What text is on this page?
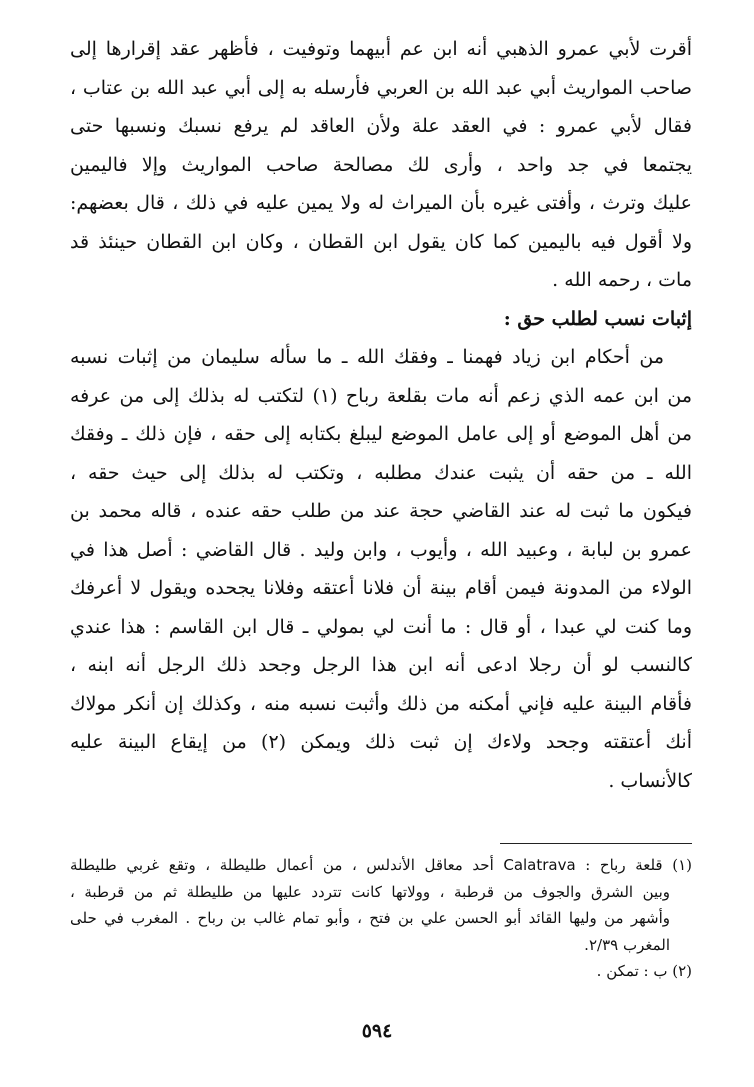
أقرت لأبي عمرو الذهبي أنه ابن عم أبيهما وتوفيت ، فأظهر عقد إقرارها إلى
صاحب المواريث أبي عبد الله بن العربي فأرسله به إلى أبي عبد الله بن عتاب ،
فقال لأبي عمرو : في العقد علة ولأن العاقد لم يرفع نسبك ونسبها حتى
يجتمعا في جد واحد ، وأرى لك مصالحة صاحب المواريث وإلا فاليمين
عليك وترث ، وأفتى غيره بأن الميراث له ولا يمين عليه في ذلك ، قال بعضهم:
ولا أقول فيه باليمين كما كان يقول ابن القطان ، وكان ابن القطان حينئذ قد
مات ، رحمه الله .
إثبات نسب لطلب حق :
من أحكام ابن زياد فهمنا ـ وفقك الله ـ ما سأله سليمان من إثبات نسبه
من ابن عمه الذي زعم أنه مات بقلعة رباح (١) لتكتب له بذلك إلى من عرفه
من أهل الموضع أو إلى عامل الموضع ليبلغ بكتابه إلى حقه ، فإن ذلك ـ وفقك
الله ـ من حقه أن يثبت عندك مطلبه ، وتكتب له بذلك إلى حيث حقه ،
فيكون ما ثبت له عند القاضي حجة عند من طلب حقه عنده ، قاله محمد بن
عمرو بن لبابة ، وعبيد الله ، وأيوب ، وابن وليد . قال القاضي : أصل هذا في
الولاء من المدونة فيمن أقام بينة أن فلانا أعتقه وفلانا يجحده ويقول لا أعرفك
وما كنت لي عبدا ، أو قال : ما أنت لي بمولي ـ قال ابن القاسم : هذا عندي
كالنسب لو أن رجلا ادعى أنه ابن هذا الرجل وجحد ذلك الرجل أنه ابنه ،
فأقام البينة عليه فإني أمكنه من ذلك وأثبت نسبه منه ، وكذلك إن أنكر مولاك
أنك أعتقته وجحد ولاءك إن ثبت ذلك ويمكن (٢) من إيقاع البينة عليه
كالأنساب .
(١) قلعة رباح : Calatrava أحد معاقل الأندلس ، من أعمال طليطلة ، وتقع غربي طليطلة
وبين الشرق والجوف من قرطبة ، وولاتها كانت تتردد عليها من طليطلة ثم من قرطبة ،
وأشهر من وليها القائد أبو الحسن علي بن فتح ، وأبو تمام غالب بن رباح . المغرب في حلى
المغرب ٢/٣٩.
(٢) ب : تمكن .
٥٩٤
